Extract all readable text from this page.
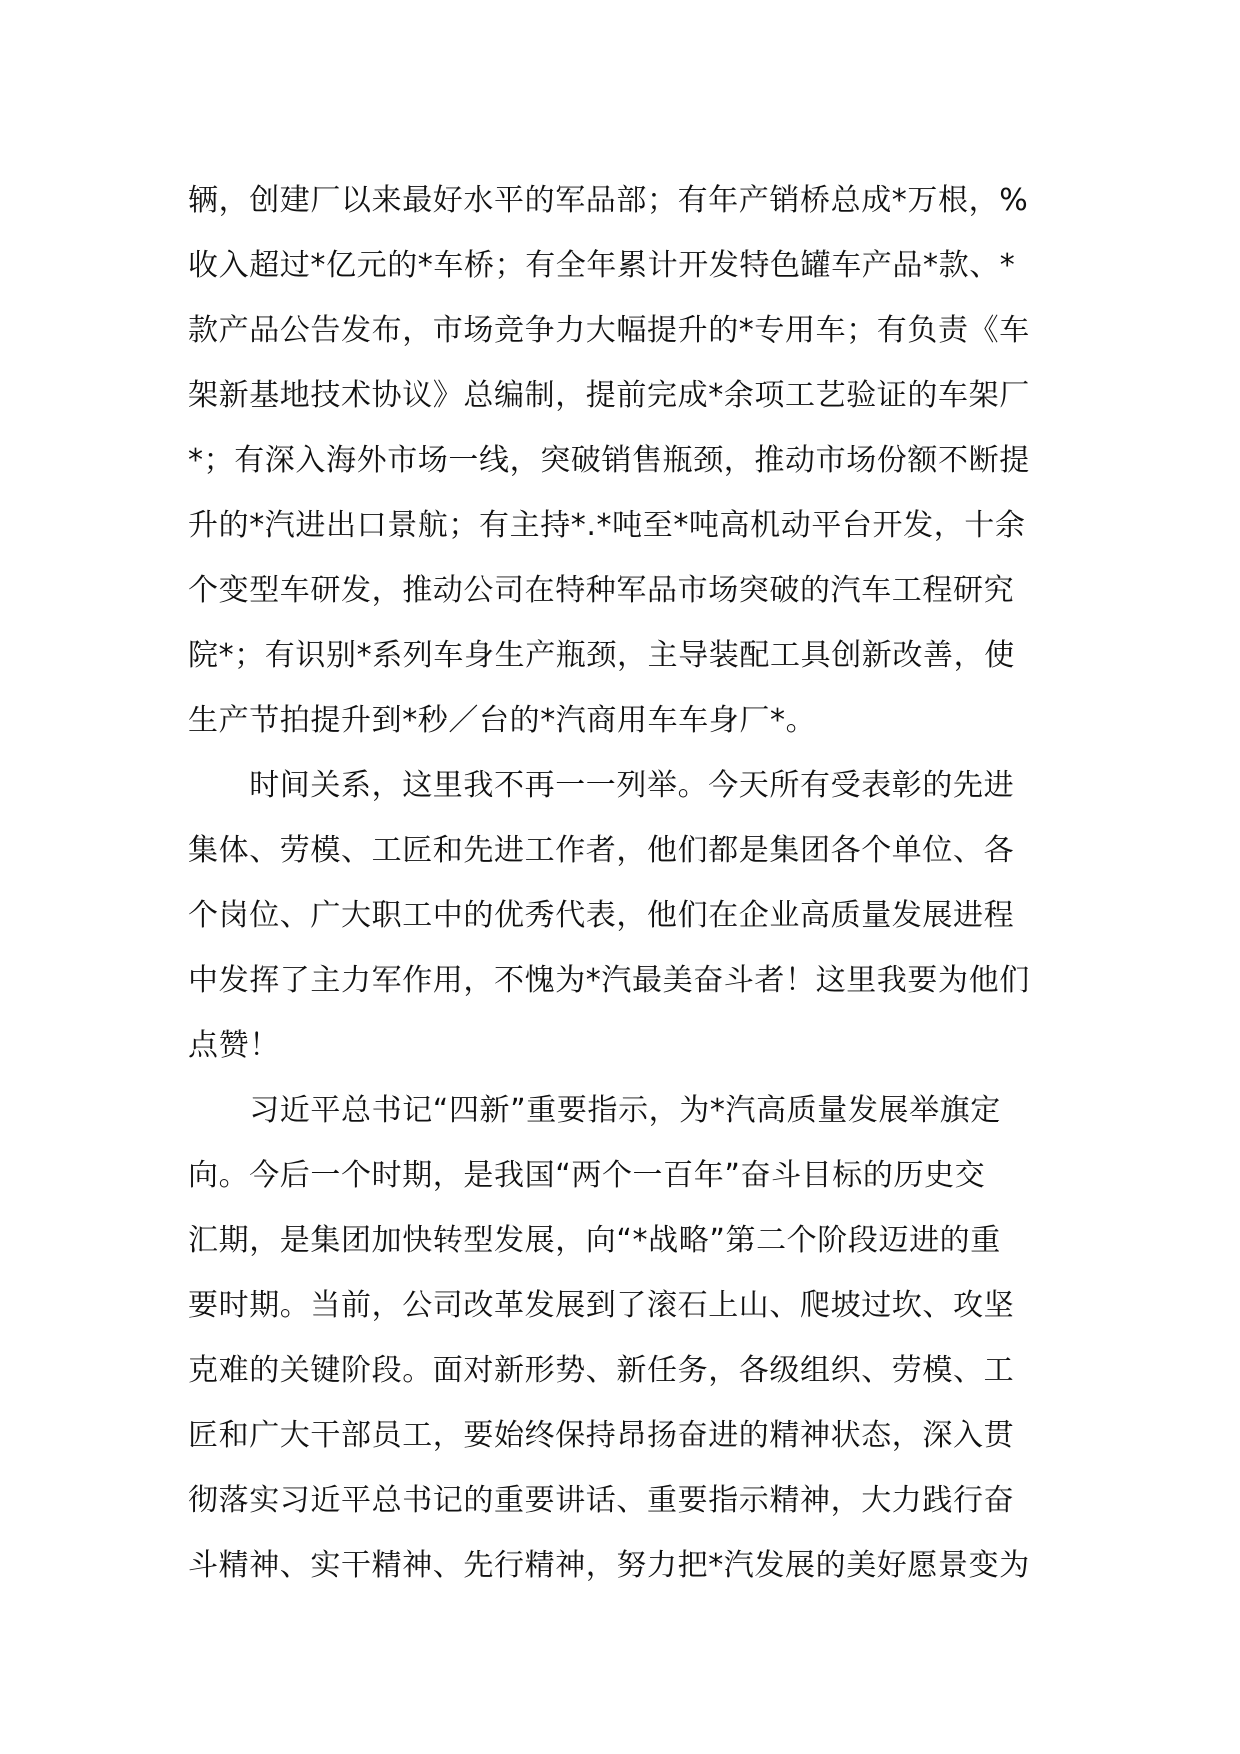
辆，创建厂以来最好水平的军品部；有年产销桥总成*万根，%
收入超过*亿元的*车桥；有全年累计开发特色罐车产品*款、*
款产品公告发布，市场竞争力大幅提升的*专用车；有负责《车
架新基地技术协议》总编制，提前完成*余项工艺验证的车架厂
*；有深入海外市场一线，突破销售瓶颈，推动市场份额不断提
升的*汽进出口景航；有主持*.*吨至*吨高机动平台开发，十余
个变型车研发，推动公司在特种军品市场突破的汽车工程研究
院*；有识别*系列车身生产瓶颈，主导装配工具创新改善，使
生产节拍提升到*秒／台的*汽商用车车身厂*。
　　时间关系，这里我不再一一列举。今天所有受表彰的先进
集体、劳模、工匠和先进工作者，他们都是集团各个单位、各
个岗位、广大职工中的优秀代表，他们在企业高质量发展进程
中发挥了主力军作用，不愧为*汽最美奋斗者！这里我要为他们
点赞！
　　习近平总书记“四新”重要指示，为*汽高质量发展举旗定
向。今后一个时期，是我国“两个一百年”奋斗目标的历史交
汇期，是集团加快转型发展，向“*战略”第二个阶段迈进的重
要时期。当前，公司改革发展到了滚石上山、爬坡过坎、攻坚
克难的关键阶段。面对新形势、新任务，各级组织、劳模、工
匠和广大干部员工，要始终保持昂扬奋进的精神状态，深入贯
彻落实习近平总书记的重要讲话、重要指示精神，大力践行奋
斗精神、实干精神、先行精神，努力把*汽发展的美好愿景变为
